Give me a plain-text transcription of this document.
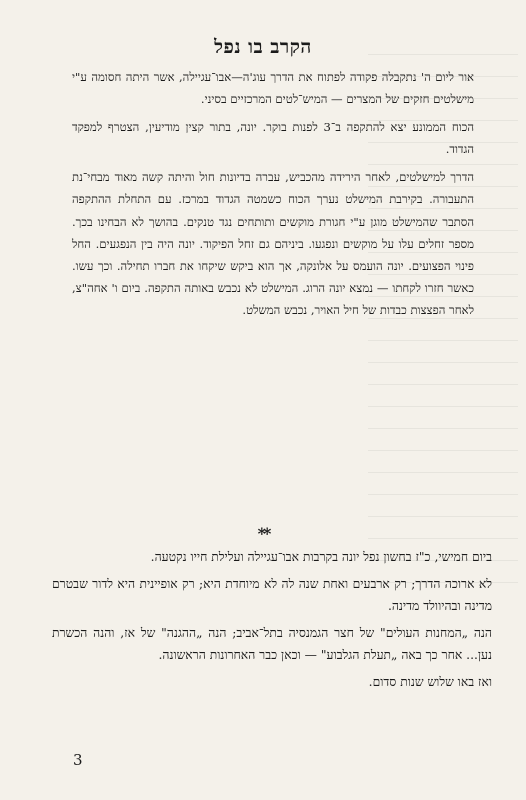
הקרב בו נפל

אור ליום ה' נתקבלה פקודה לפתוח את הדרך עוג'ה—אבו־עגיילה, אשר היתה חסומה ע"י מישלטים חזקים של המצרים — המיש־לטים המרכזיים בסיני.

הכוח הממונע יצא להתקפה ב־3 לפנות בוקר. יונה, בתור קצין מודיעין, הצטרף למפקד הגדוד.

הדרך למישלטים, לאחר הירידה מהכביש, עברה בדיונות חול והיתה קשה מאוד מבחי־נת התעבורה. בקירבת המישלט נערך הכוח כשמטה הגדוד במרכז. עם התחלת ההתקפה הסתבר שהמישלט מוגן ע"י חגורת מוקשים ותותחים נגד טנקים. בהושך לא הבחינו בכך. מספר זחלים עלו על מוקשים ונפגעו. ביניהם גם זחל הפיקוד. יונה היה בין הנפגעים. החל פינוי הפצועים. יונה הועמס על אלונקה, אך הוא ביקש שיקחו את חברו תחילה. וכך עשו. כאשר חזרו לקחתו — נמצא יונה הרוג. המישלט לא נכבש באותה התקפה. ביום ו' אחה"צ, לאחר הפצצות כבדות של חיל האויר, נכבש המשלט.

**

ביום חמישי, כ"ז בחשון נפל יונה בקרבות אבו־עגיילה ועלילת חייו נקטעה.

לא ארוכה הדרך; רק ארבעים ואחת שנה לה לא מיוחדת היא; רק אופיינית היא לדור שבטרם מדינה ובהיוולד מדינה.

הנה „המחנות העולים" של חצר הגמנסיה בתל־אביב; הנה „ההגנה" של אז, והנה הכשרת נען... אחר כך באה „תעלת הגלבוע" — וכאן כבר האחרונות הראשונה.

ואז באו שלוש שנות סדום.

3
